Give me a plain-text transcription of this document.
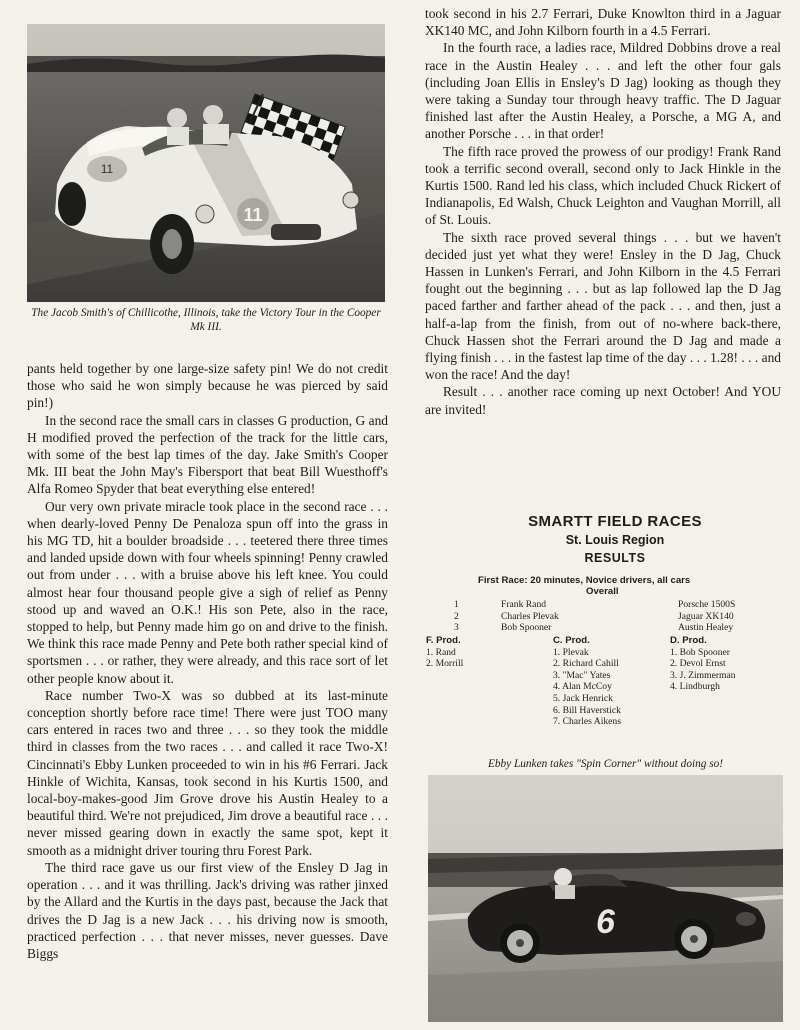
11
11
The Jacob Smith's of Chillicothe, Illinois, take the Victory Tour in the Cooper Mk III.

pants held together by one large-size safety pin! We do not credit those who said he won simply because he was pierced by said pin!)

In the second race the small cars in classes G production, G and H modified proved the perfection of the track for the little cars, with some of the best lap times of the day. Jake Smith's Cooper Mk. III beat the John May's Fibersport that beat Bill Wuesthoff's Alfa Romeo Spyder that beat everything else entered!

Our very own private miracle took place in the second race . . . when dearly-loved Penny De Penaloza spun off into the grass in his MG TD, hit a boulder broadside . . . teetered there three times and landed upside down with four wheels spinning! Penny crawled out from under . . . with a bruise above his left knee. You could almost hear four thousand people give a sigh of relief as Penny stood up and waved an O.K.! His son Pete, also in the race, stopped to help, but Penny made him go on and drive to the finish. We think this race made Penny and Pete both rather special kind of sportsmen . . . or rather, they were already, and this race sort of let other people know about it.

Race number Two-X was so dubbed at its last-minute conception shortly before race time! There were just TOO many cars entered in races two and three . . . so they took the middle third in classes from the two races . . . and called it race Two-X! Cincinnati's Ebby Lunken proceeded to win in his #6 Ferrari. Jack Hinkle of Wichita, Kansas, took second in his Kurtis 1500, and local-boy-makes-good Jim Grove drove his Austin Healey to a beautiful third. We're not prejudiced, Jim drove a beautiful race . . . never missed gearing down in exactly the same spot, kept it smooth as a midnight driver touring thru Forest Park.

The third race gave us our first view of the Ensley D Jag in operation . . . and it was thrilling. Jack's driving was rather jinxed by the Allard and the Kurtis in the days past, because the Jack that drives the D Jag is a new Jack . . . his driving now is smooth, practiced perfection . . . that never misses, never guesses. Dave Biggs

took second in his 2.7 Ferrari, Duke Knowlton third in a Jaguar XK140 MC, and John Kilborn fourth in a 4.5 Ferrari.

In the fourth race, a ladies race, Mildred Dobbins drove a real race in the Austin Healey . . . and left the other four gals (including Joan Ellis in Ensley's D Jag) looking as though they were taking a Sunday tour through heavy traffic. The D Jaguar finished last after the Austin Healey, a Porsche, a MG A, and another Porsche . . . in that order!

The fifth race proved the prowess of our prodigy! Frank Rand took a terrific second overall, second only to Jack Hinkle in the Kurtis 1500. Rand led his class, which included Chuck Rickert of Indianapolis, Ed Walsh, Chuck Leighton and Vaughan Morrill, all of St. Louis.

The sixth race proved several things . . . but we haven't decided just yet what they were! Ensley in the D Jag, Chuck Hassen in Lunken's Ferrari, and John Kilborn in the 4.5 Ferrari fought out the beginning . . . but as lap followed lap the D Jag paced farther and farther ahead of the pack . . . and then, just a half-a-lap from the finish, from out of no-where back-there, Chuck Hassen shot the Ferrari around the D Jag and made a flying finish . . . in the fastest lap time of the day . . . 1.28! . . . and won the race! And the day!

Result . . . another race coming up next October! And YOU are invited!

SMARTT FIELD RACES
St. Louis Region
RESULTS
First Race: 20 minutes, Novice drivers, all cars
Overall
1
2
3
Frank Rand
Charles Plevak
Bob Spooner
Porsche 1500S
Jaguar XK140
Austin Healey
F. Prod.
1. Rand
2. Morrill
C. Prod.
1. Plevak
2. Richard Cahill
3. "Mac" Yates
4. Alan McCoy
5. Jack Henrick
6. Bill Haverstick
7. Charles Aikens
D. Prod.
1. Bob Spooner
2. Devol Ernst
3. J. Zimmerman
4. Lindburgh
Ebby Lunken takes "Spin Corner" without doing so!
6
